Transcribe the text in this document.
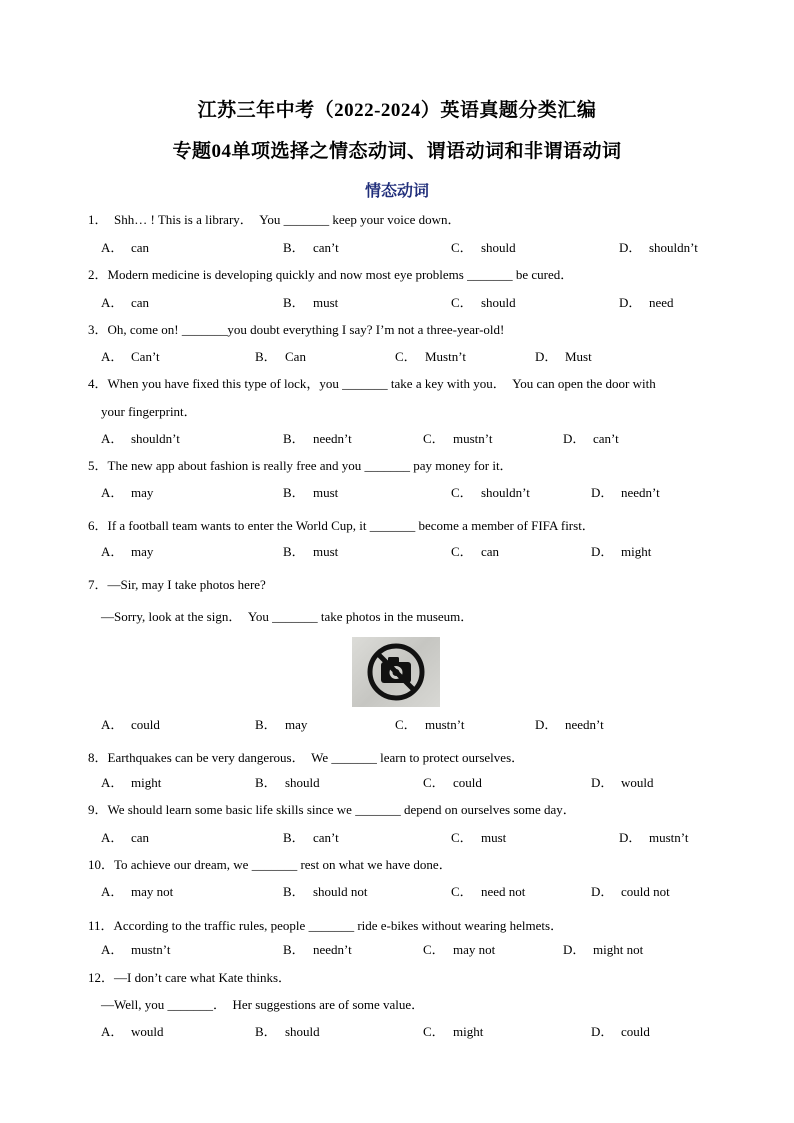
江苏三年中考（2022-2024）英语真题分类汇编
专题04单项选择之情态动词、谓语动词和非谓语动词
情态动词
1．　Shh… ! This is a library．　You _______ keep your voice down．
A． can	B． can’t	C． should	D． shouldn’t
2．Modern medicine is developing quickly and now most eye problems _______ be cured．
A． can	B． must	C． should	D． need
3．Oh, come on! _______you doubt everything I say? I’m not a three-year-old!
A． Can’t	B． Can	C． Mustn’t	D． Must
4．When you have fixed this type of lock，you _______ take a key with you．　You can open the door with
your fingerprint．
A． shouldn’t	B． needn’t	C． mustn’t	D． can’t
5．The new app about fashion is really free and you _______ pay money for it．
A． may	B． must	C． shouldn’t	D． needn’t
6．If a football team wants to enter the World Cup, it _______ become a member of FIFA first．
A． may	B． must	C． can	D． might
7．—Sir, may I take photos here?
—Sorry, look at the sign．　You _______ take photos in the museum．
A． could	B． may	C． mustn’t	D． needn’t
8．Earthquakes can be very dangerous．　We _______ learn to protect ourselves．
A． might	B． should	C． could	D． would
9．We should learn some basic life skills since we _______ depend on ourselves some day．
A． can	B． can’t	C． must	D． mustn’t
10．To achieve our dream, we _______ rest on what we have done．
A． may not	B． should not	C． need not	D． could not
11．According to the traffic rules, people _______ ride e-bikes without wearing helmets．
A． mustn’t	B． needn’t	C． may not	D． might not
12．—I don’t care what Kate thinks．
—Well, you _______．　Her suggestions are of some value．
A． would	B． should	C． might	D． could
